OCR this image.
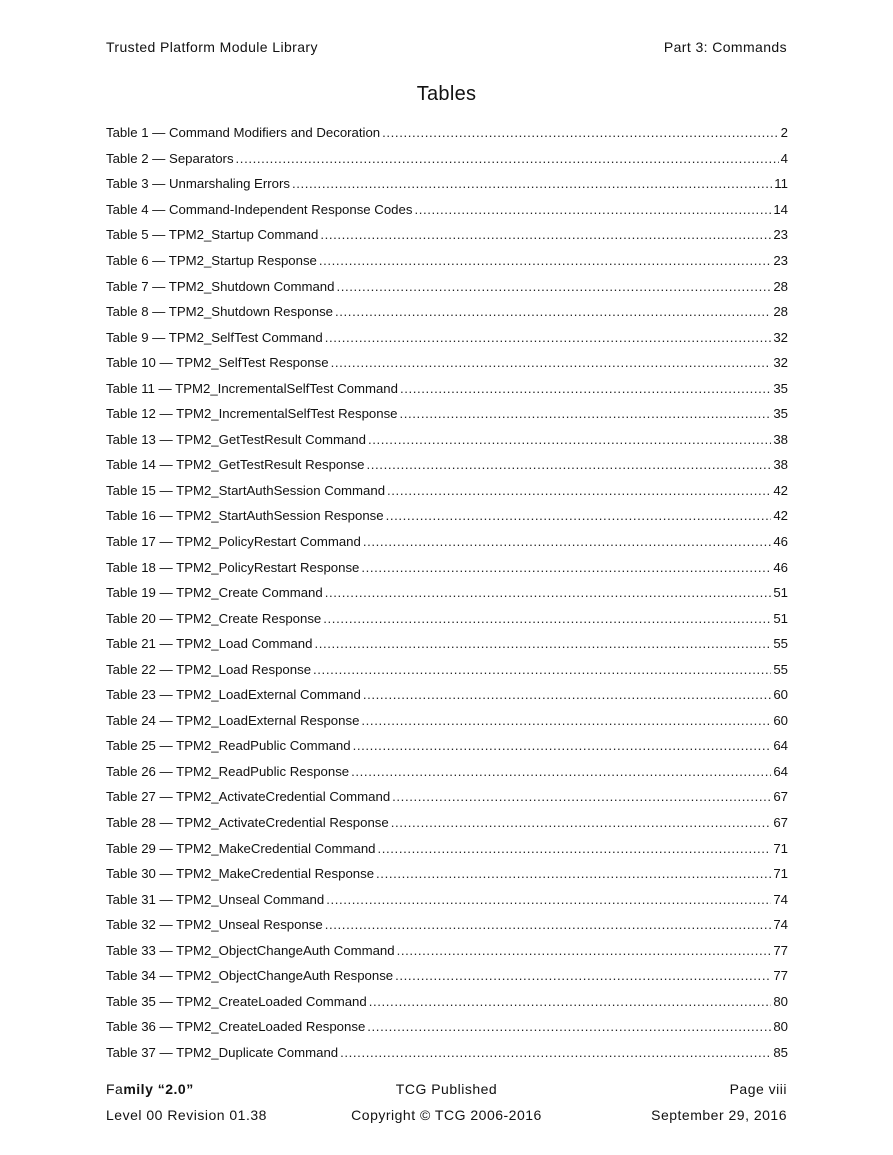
Trusted Platform Module Library	Part 3: Commands
Tables
Table 1 — Command Modifiers and Decoration .....	2
Table 2 — Separators .....	4
Table 3 — Unmarshaling Errors .....	11
Table 4 — Command-Independent Response Codes .....	14
Table 5 — TPM2_Startup Command .....	23
Table 6 — TPM2_Startup Response .....	23
Table 7 — TPM2_Shutdown Command .....	28
Table 8 — TPM2_Shutdown Response .....	28
Table 9 — TPM2_SelfTest Command .....	32
Table 10 — TPM2_SelfTest Response .....	32
Table 11 — TPM2_IncrementalSelfTest Command .....	35
Table 12 — TPM2_IncrementalSelfTest Response .....	35
Table 13 — TPM2_GetTestResult Command .....	38
Table 14 — TPM2_GetTestResult Response .....	38
Table 15 — TPM2_StartAuthSession Command .....	42
Table 16 — TPM2_StartAuthSession Response .....	42
Table 17 — TPM2_PolicyRestart Command .....	46
Table 18 — TPM2_PolicyRestart Response .....	46
Table 19 — TPM2_Create Command .....	51
Table 20 — TPM2_Create Response .....	51
Table 21 — TPM2_Load Command .....	55
Table 22 — TPM2_Load Response .....	55
Table 23 — TPM2_LoadExternal Command .....	60
Table 24 — TPM2_LoadExternal Response .....	60
Table 25 — TPM2_ReadPublic Command .....	64
Table 26 — TPM2_ReadPublic Response .....	64
Table 27 — TPM2_ActivateCredential Command .....	67
Table 28 — TPM2_ActivateCredential Response .....	67
Table 29 — TPM2_MakeCredential Command .....	71
Table 30 — TPM2_MakeCredential Response .....	71
Table 31 — TPM2_Unseal Command .....	74
Table 32 — TPM2_Unseal Response .....	74
Table 33 — TPM2_ObjectChangeAuth Command .....	77
Table 34 — TPM2_ObjectChangeAuth Response .....	77
Table 35 — TPM2_CreateLoaded Command .....	80
Table 36 — TPM2_CreateLoaded Response .....	80
Table 37 — TPM2_Duplicate Command .....	85
Family “2.0”	TCG Published	Page viii
Level 00 Revision 01.38	Copyright © TCG 2006-2016	September 29, 2016
